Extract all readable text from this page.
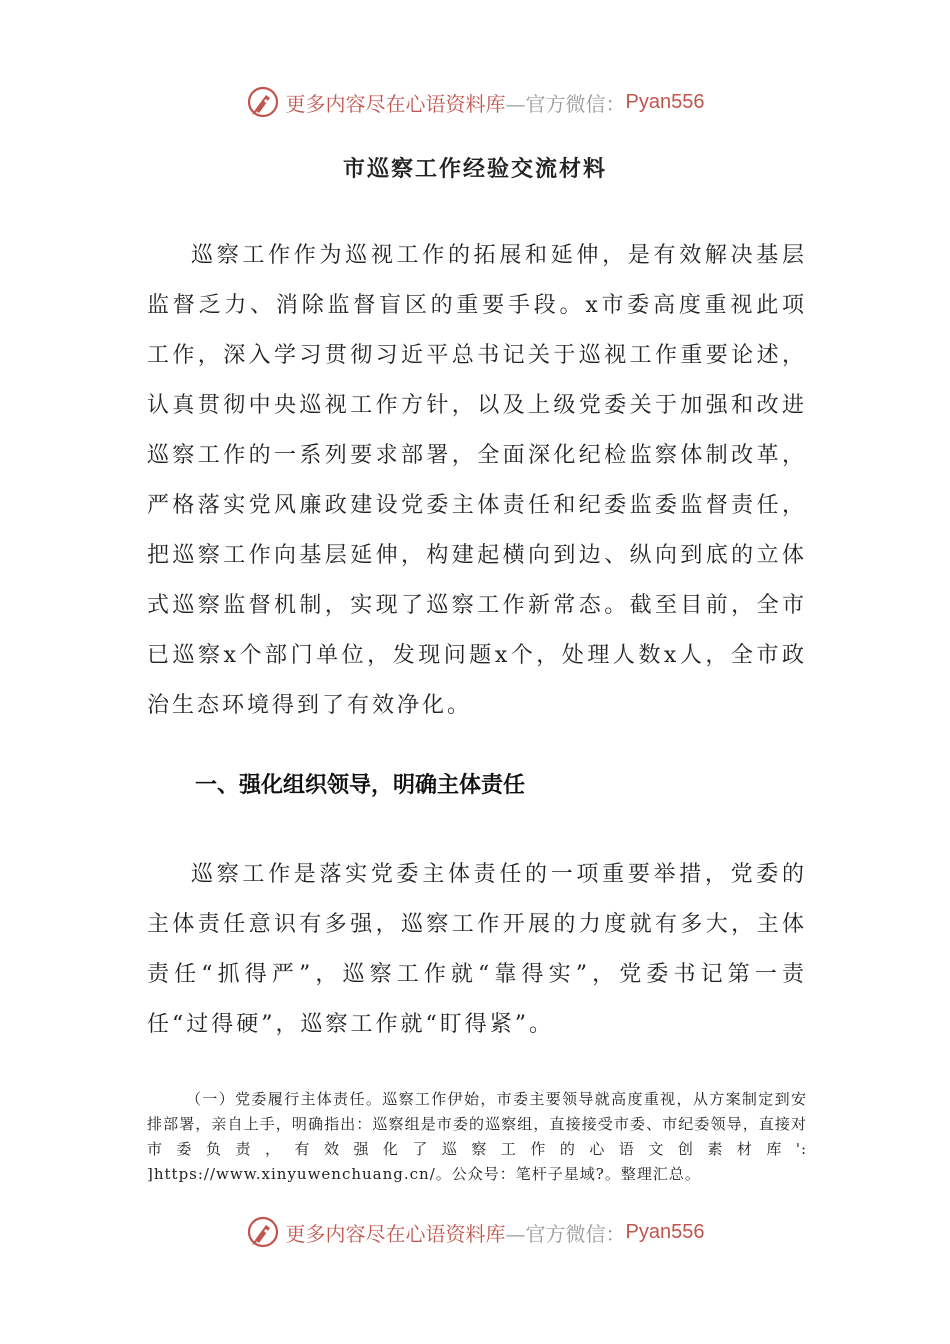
更多内容尽在心语资料库 —官方微信： Pyan556
市巡察工作经验交流材料

巡察工作作为巡视工作的拓展和延伸，是有效解决基层监督乏力、消除监督盲区的重要手段。x市委高度重视此项工作，深入学习贯彻习近平总书记关于巡视工作重要论述，认真贯彻中央巡视工作方针，以及上级党委关于加强和改进巡察工作的一系列要求部署，全面深化纪检监察体制改革，严格落实党风廉政建设党委主体责任和纪委监委监督责任，把巡察工作向基层延伸，构建起横向到边、纵向到底的立体式巡察监督机制，实现了巡察工作新常态。截至目前，全市已巡察x个部门单位，发现问题x个，处理人数x人，全市政治生态环境得到了有效净化。

一、强化组织领导，明确主体责任

巡察工作是落实党委主体责任的一项重要举措，党委的主体责任意识有多强，巡察工作开展的力度就有多大，主体责任“抓得严”，巡察工作就“靠得实”，党委书记第一责任“过得硬”，巡察工作就“盯得紧”。

（一）党委履行主体责任。巡察工作伊始，市委主要领导就高度重视，从方案制定到安排部署，亲自上手，明确指出：巡察组是市委的巡察组，直接接受市委、市纪委领导，直接对市委负责，有效强化了巡察工作的心语文创素材库': ]https://www.xinyuwenchuang.cn/。公众号：笔杆子星域?。整理汇总。

更多内容尽在心语资料库 —官方微信： Pyan556
